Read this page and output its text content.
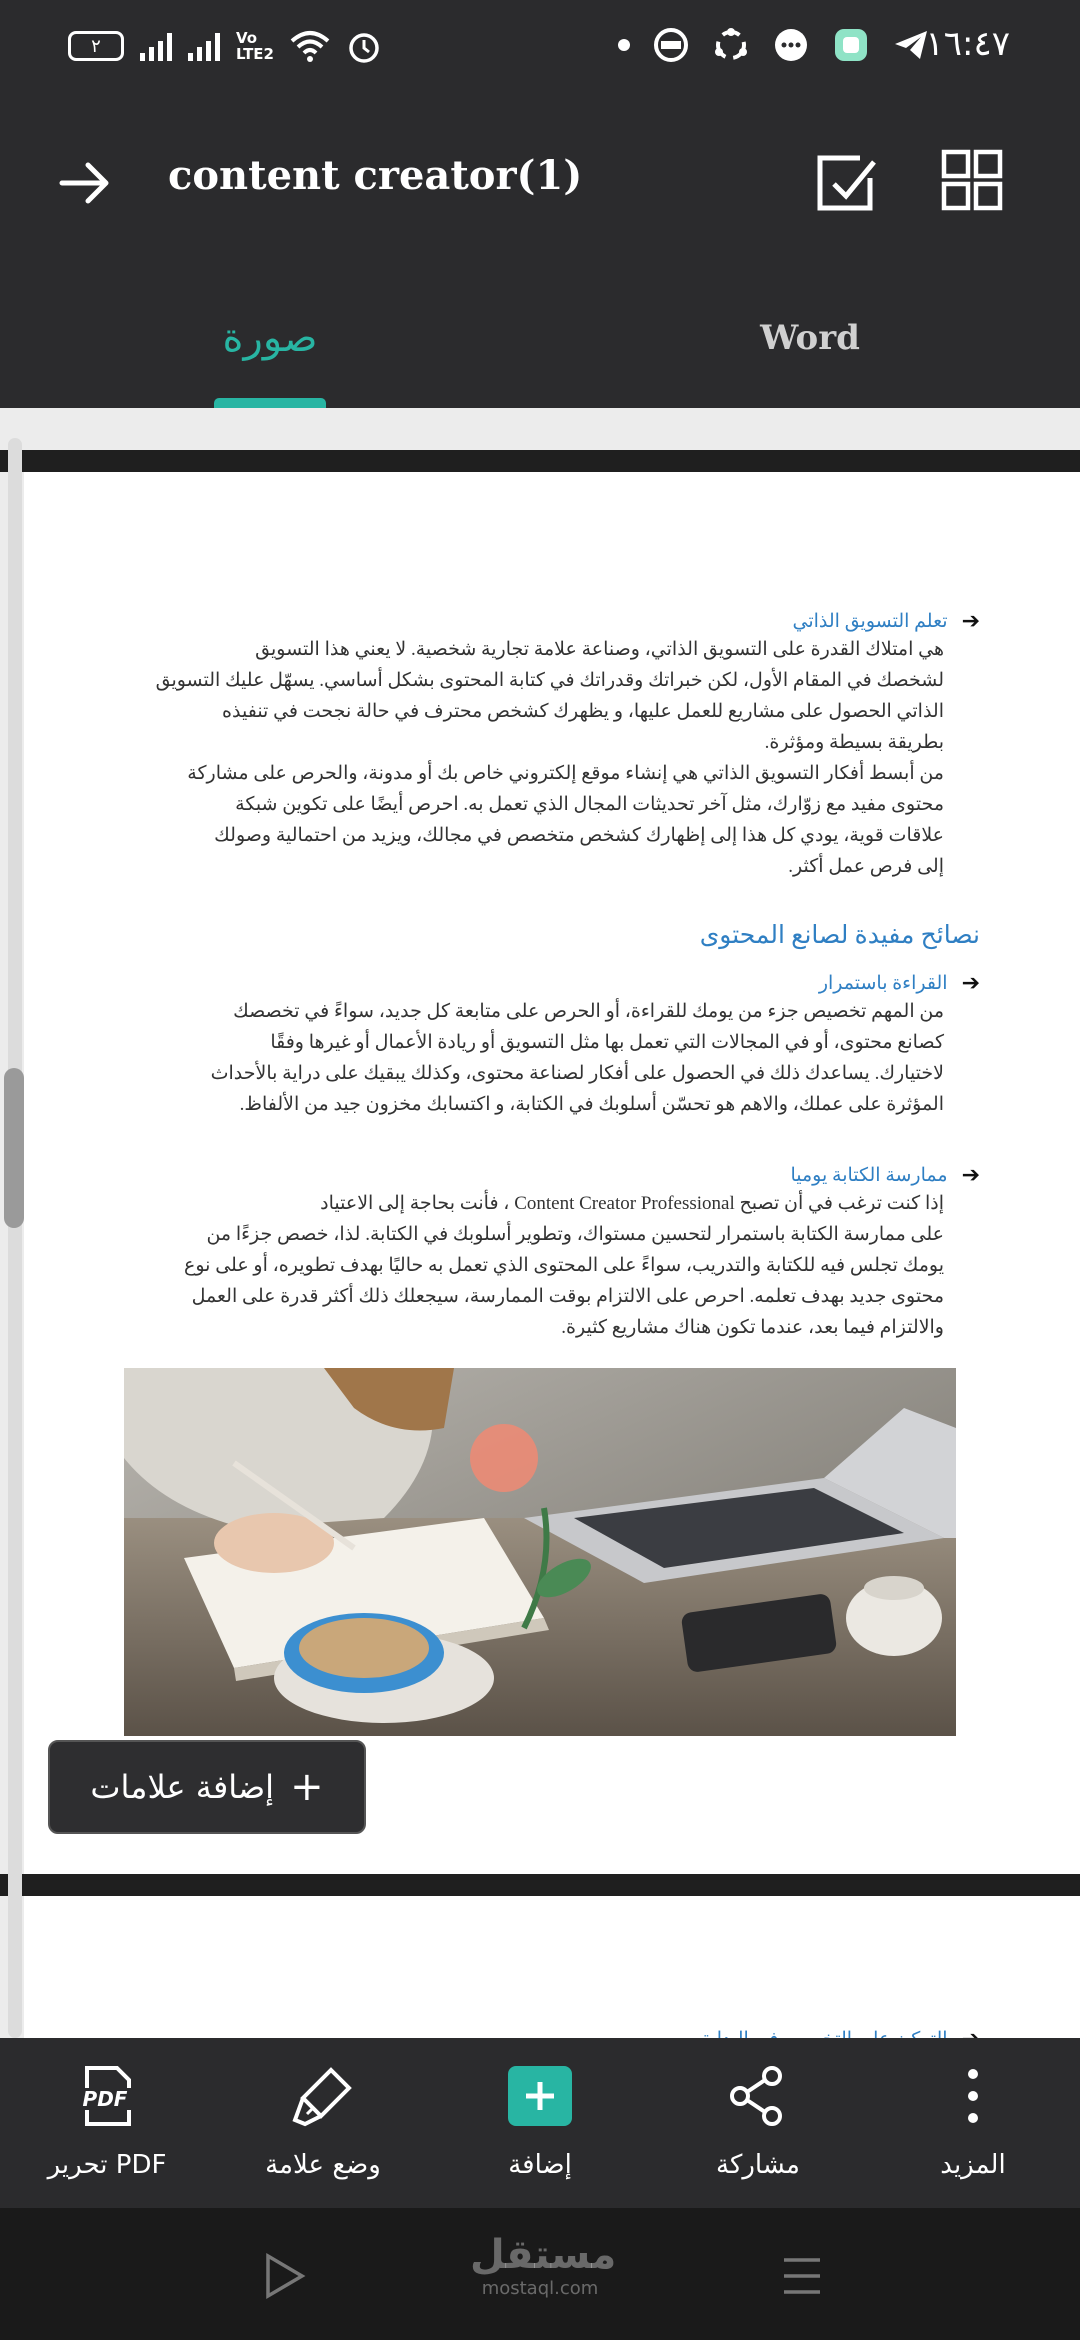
٢	Vo
LTE2	١٦:٤٧
content creator(1)
صورة	Word
➔
تعلم التسويق الذاتي
هي امتلاك القدرة على التسويق الذاتي، وصناعة علامة تجارية شخصية. لا يعني هذا التسويق
لشخصك في المقام الأول، لكن خبراتك وقدراتك في كتابة المحتوى بشكل أساسي. يسهّل عليك التسويق
الذاتي الحصول على مشاريع للعمل عليها، و يظهرك كشخص محترف في حالة نجحت في تنفيذه
بطريقة بسيطة ومؤثرة.
من أبسط أفكار التسويق الذاتي هي إنشاء موقع إلكتروني خاص بك أو مدونة، والحرص على مشاركة
محتوى مفيد مع زوّارك، مثل آخر تحديثات المجال الذي تعمل به. احرص أيضًا على تكوين شبكة
علاقات قوية، يودي كل هذا إلى إظهارك كشخص متخصص في مجالك، ويزيد من احتمالية وصولك
إلى فرص عمل أكثر.
نصائح مفيدة لصانع المحتوى
➔
القراءة باستمرار
من المهم تخصيص جزء من يومك للقراءة، أو الحرص على متابعة كل جديد، سواءً في تخصصك
كصانع محتوى، أو في المجالات التي تعمل بها مثل التسويق أو ريادة الأعمال أو غيرها وفقًا
لاختيارك. يساعدك ذلك في الحصول على أفكار لصناعة محتوى، وكذلك يبقيك على دراية بالأحداث
المؤثرة على عملك، والاهم هو تحسّن أسلوبك في الكتابة، و اكتسابك مخزون جيد من الألفاظ.
➔
ممارسة الكتابة يوميا
إذا كنت ترغب في أن تصبح Content Creator Professional ، فأنت بحاجة إلى الاعتياد
على ممارسة الكتابة باستمرار لتحسين مستواك، وتطوير أسلوبك في الكتابة. لذا، خصص جزءًا من
يومك تجلس فيه للكتابة والتدريب، سواءً على المحتوى الذي تعمل به حاليًا بهدف تطويره، أو على نوع
محتوى جديد بهدف تعلمه. احرص على الالتزام بوقت الممارسة، سيجعلك ذلك أكثر قدرة على العمل
والالتزام فيما بعد، عندما تكون هناك مشاريع كثيرة.
+
إضافة علامات
PDF
تحرير PDF	وضع علامة	إضافة	مشاركة	المزيد
مستقل
mostaql.com
